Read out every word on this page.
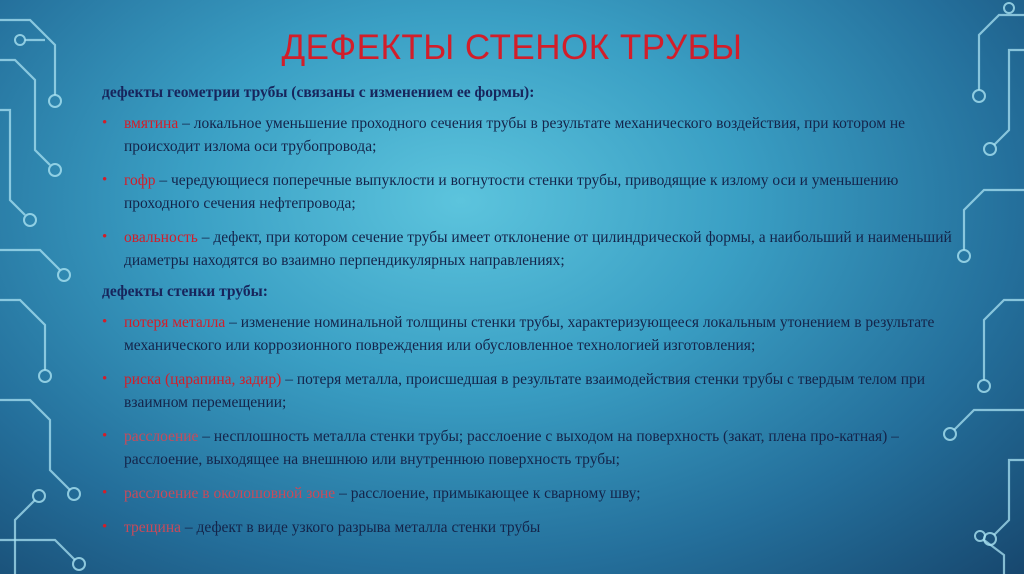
ДЕФЕКТЫ СТЕНОК ТРУБЫ

дефекты геометрии трубы (связаны с изменением ее формы):

• вмятина – локальное уменьшение проходного сечения трубы в результате механического воздействия, при котором не происходит излома оси трубопровода;
• гофр – чередующиеся поперечные выпуклости и вогнутости стенки трубы, приводящие к излому оси и уменьшению проходного сечения нефтепровода;
• овальность – дефект, при котором сечение трубы имеет отклонение от цилиндрической формы, а наибольший и наименьший диаметры находятся во взаимно перпендикулярных направлениях;

дефекты стенки трубы:

• потеря металла – изменение номинальной толщины стенки трубы, характеризующееся локальным утонением в результате механического или коррозионного повреждения или обусловленное технологией изготовления;
• риска (царапина, задир) – потеря металла, происшедшая в результате взаимодействия стенки трубы с твердым телом при взаимном перемещении;
• расслоение – несплошность металла стенки трубы; расслоение с выходом на поверхность (закат, плена про-катная) – расслоение, выходящее на внешнюю или внутреннюю поверхность трубы;
• расслоение в околошовной зоне – расслоение, примыкающее к сварному шву;
• трещина – дефект в виде узкого разрыва металла стенки трубы
